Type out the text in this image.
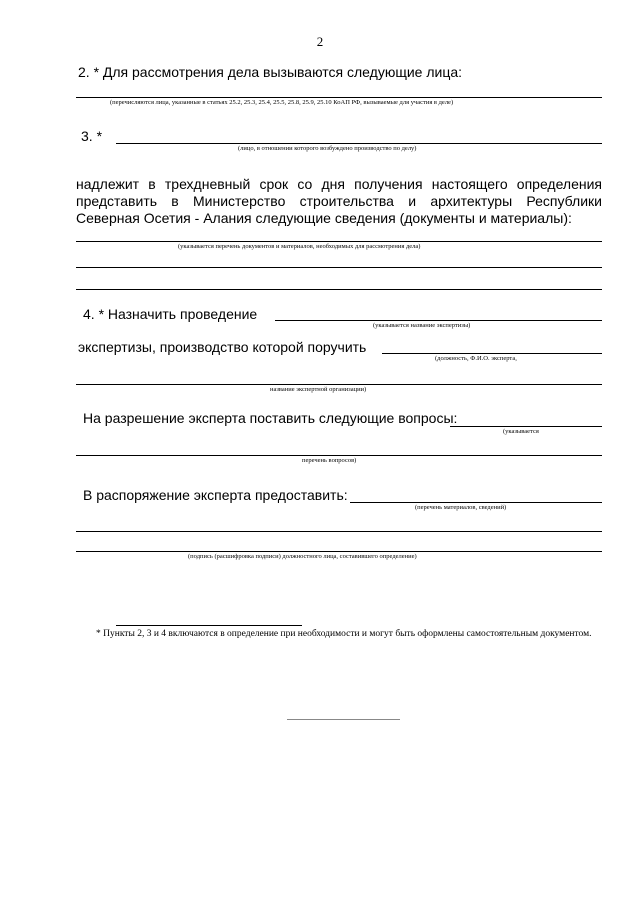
2
2. * Для рассмотрения дела вызываются следующие лица:
(перечисляются лица, указанные в статьях 25.2, 25.3, 25.4, 25.5, 25.8, 25.9, 25.10 КоАП РФ, вызываемые для участия в деле)
3. *
(лицо, в отношении которого возбуждено производство по делу)
надлежит в трехдневный срок со дня получения настоящего определения представить в Министерство строительства и архитектуры Республики Северная Осетия - Алания следующие сведения (документы и материалы):
(указывается перечень документов и материалов, необходимых для рассмотрения дела)
4. * Назначить проведение
(указывается название экспертизы)
экспертизы, производство которой поручить
(должность, Ф.И.О. эксперта,
название экспертной организации)
На разрешение эксперта поставить следующие вопросы:
(указывается
перечень вопросов)
В распоряжение эксперта предоставить:
(перечень материалов, сведений)
(подпись (расшифровка подписи) должностного лица, составившего определение)
* Пункты 2, 3 и 4 включаются в определение при необходимости и могут быть оформлены самостоятельным документом.
